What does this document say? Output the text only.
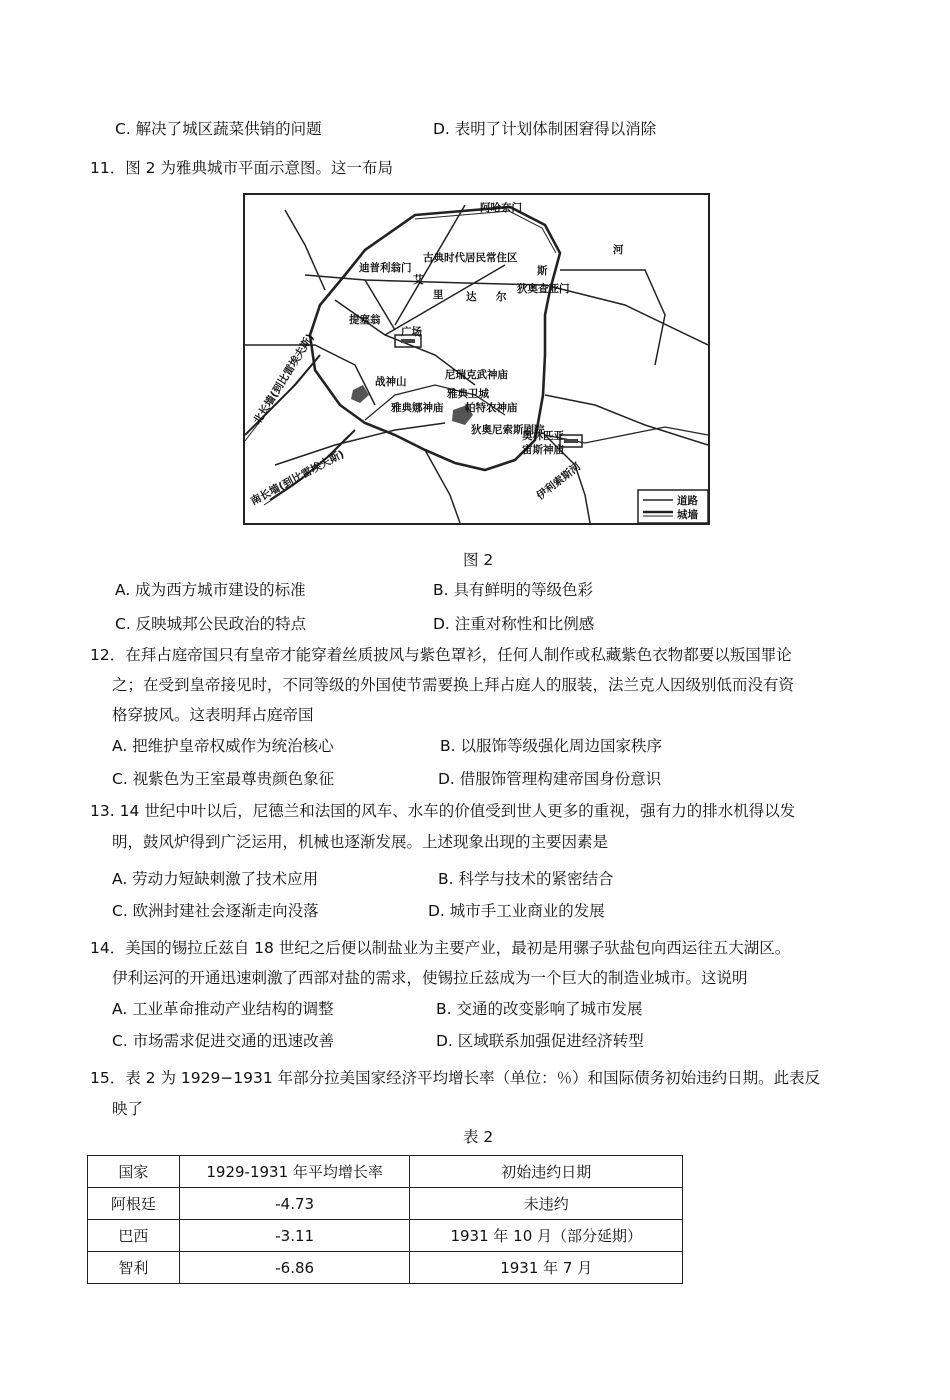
C. 解决了城区蔬菜供销的问题	D. 表明了计划体制困窘得以消除
11．图 2 为雅典城市平面示意图。这一布局
阿哈奈门
古典时代居民常住区
迪普利翁门
艾
里 达 尔
河
斯
狄奥查亚门
提塞翁
广场
战神山
尼瑞克武神庙
雅典卫城
帕特农神庙
雅典娜神庙
狄奥尼索斯剧院
奥林匹亚
宙斯神庙
北长墙(到比雷埃夫斯)
南长墙(到比雷埃夫斯)	伊利索斯河	道路
城墙
图 2
A. 成为西方城市建设的标准	B. 具有鲜明的等级色彩
C. 反映城邦公民政治的特点	D. 注重对称性和比例感
12．在拜占庭帝国只有皇帝才能穿着丝质披风与紫色罩衫，任何人制作或私藏紫色衣物都要以叛国罪论
之；在受到皇帝接见时，不同等级的外国使节需要换上拜占庭人的服装，法兰克人因级别低而没有资
格穿披风。这表明拜占庭帝国
A. 把维护皇帝权威作为统治核心	B. 以服饰等级强化周边国家秩序
C. 视紫色为王室最尊贵颜色象征	D. 借服饰管理构建帝国身份意识
13. 14 世纪中叶以后，尼德兰和法国的风车、水车的价值受到世人更多的重视，强有力的排水机得以发
明，鼓风炉得到广泛运用，机械也逐渐发展。上述现象出现的主要因素是
A. 劳动力短缺刺激了技术应用	B. 科学与技术的紧密结合
C. 欧洲封建社会逐渐走向没落	D. 城市手工业商业的发展
14．美国的锡拉丘兹自 18 世纪之后便以制盐业为主要产业，最初是用骡子驮盐包向西运往五大湖区。
伊利运河的开通迅速刺激了西部对盐的需求，使锡拉丘兹成为一个巨大的制造业城市。这说明
A. 工业革命推动产业结构的调整	B. 交通的改变影响了城市发展
C. 市场需求促进交通的迅速改善	D. 区域联系加强促进经济转型
15．表 2 为 1929−1931 年部分拉美国家经济平均增长率（单位：％）和国际债务初始违约日期。此表反
映了
表 2
国家	1929-1931 年平均增长率	初始违约日期
阿根廷	-4.73	未违约
巴西	-3.11	1931 年 10 月（部分延期）
智利	-6.86	1931 年 7 月
